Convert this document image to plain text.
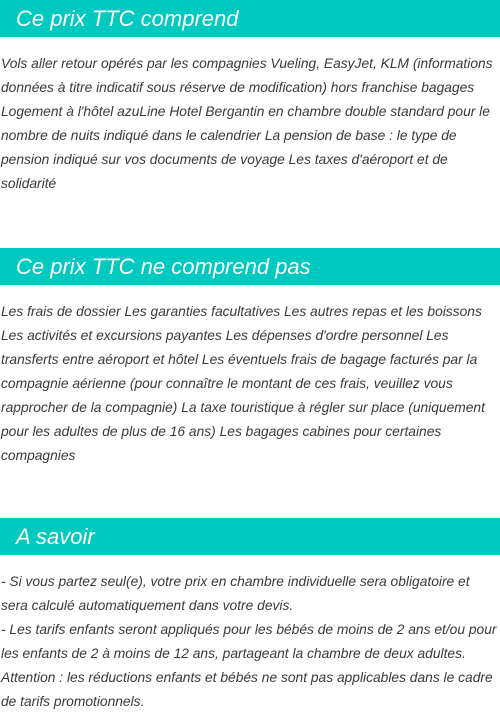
Ce prix TTC comprend

Vols aller retour opérés par les compagnies Vueling, EasyJet, KLM (informations données à titre indicatif sous réserve de modification) hors franchise bagages Logement à l'hôtel azuLine Hotel Bergantin en chambre double standard pour le nombre de nuits indiqué dans le calendrier La pension de base : le type de pension indiqué sur vos documents de voyage Les taxes d'aéroport et de solidarité

Ce prix TTC ne comprend pas

Les frais de dossier Les garanties facultatives Les autres repas et les boissons Les activités et excursions payantes Les dépenses d'ordre personnel Les transferts entre aéroport et hôtel Les éventuels frais de bagage facturés par la compagnie aérienne (pour connaître le montant de ces frais, veuillez vous rapprocher de la compagnie) La taxe touristique à régler sur place (uniquement pour les adultes de plus de 16 ans) Les bagages cabines pour certaines compagnies

A savoir

- Si vous partez seul(e), votre prix en chambre individuelle sera obligatoire et sera calculé automatiquement dans votre devis.

- Les tarifs enfants seront appliqués pour les bébés de moins de 2 ans et/ou pour les enfants de 2 à moins de 12 ans, partageant la chambre de deux adultes. Attention : les réductions enfants et bébés ne sont pas applicables dans le cadre de tarifs promotionnels.
